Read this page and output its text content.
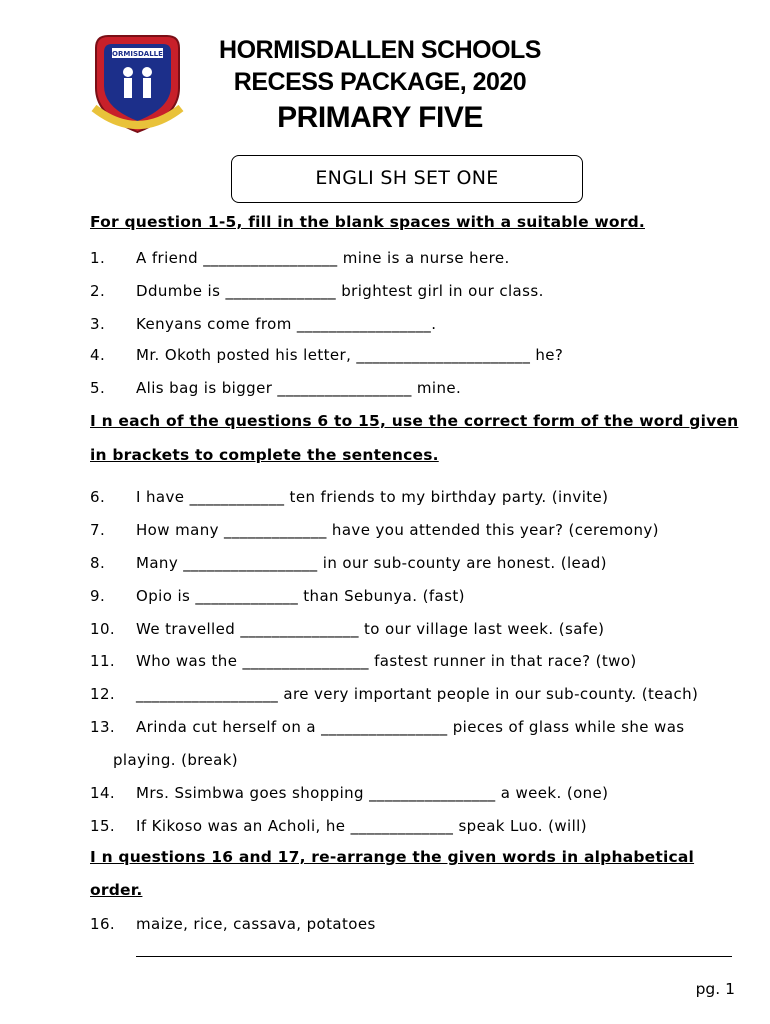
HORMISDALLEN	HORMISDALLEN SCHOOLS
RECESS PACKAGE, 2020
PRIMARY FIVE
ENGLI SH SET ONE
For question 1-5, fill in the blank spaces with a suitable word.
1. A friend _________________ mine is a nurse here.
2. Ddumbe is ______________ brightest girl in our class.
3. Kenyans come from _________________.
4. Mr. Okoth posted his letter, ______________________ he?
5. Alis bag is bigger _________________ mine.
I n each of the questions 6 to 15, use the correct form of the word given
in brackets to complete the sentences.
6. I have ____________ ten friends to my birthday party. (invite)
7. How many _____________ have you attended this year? (ceremony)
8. Many _________________ in our sub-county are honest. (lead)
9. Opio is _____________ than Sebunya. (fast)
10. We travelled _______________ to our village last week. (safe)
11. Who was the ________________ fastest runner in that race? (two)
12. __________________ are very important people in our sub-county. (teach)
13. Arinda cut herself on a ________________ pieces of glass while she was
playing. (break)
14. Mrs. Ssimbwa goes shopping ________________ a week. (one)
15. If Kikoso was an Acholi, he _____________ speak Luo. (will)
I n questions 16 and 17, re-arrange the given words in alphabetical
order.
16. maize, rice, cassava, potatoes
pg. 1
